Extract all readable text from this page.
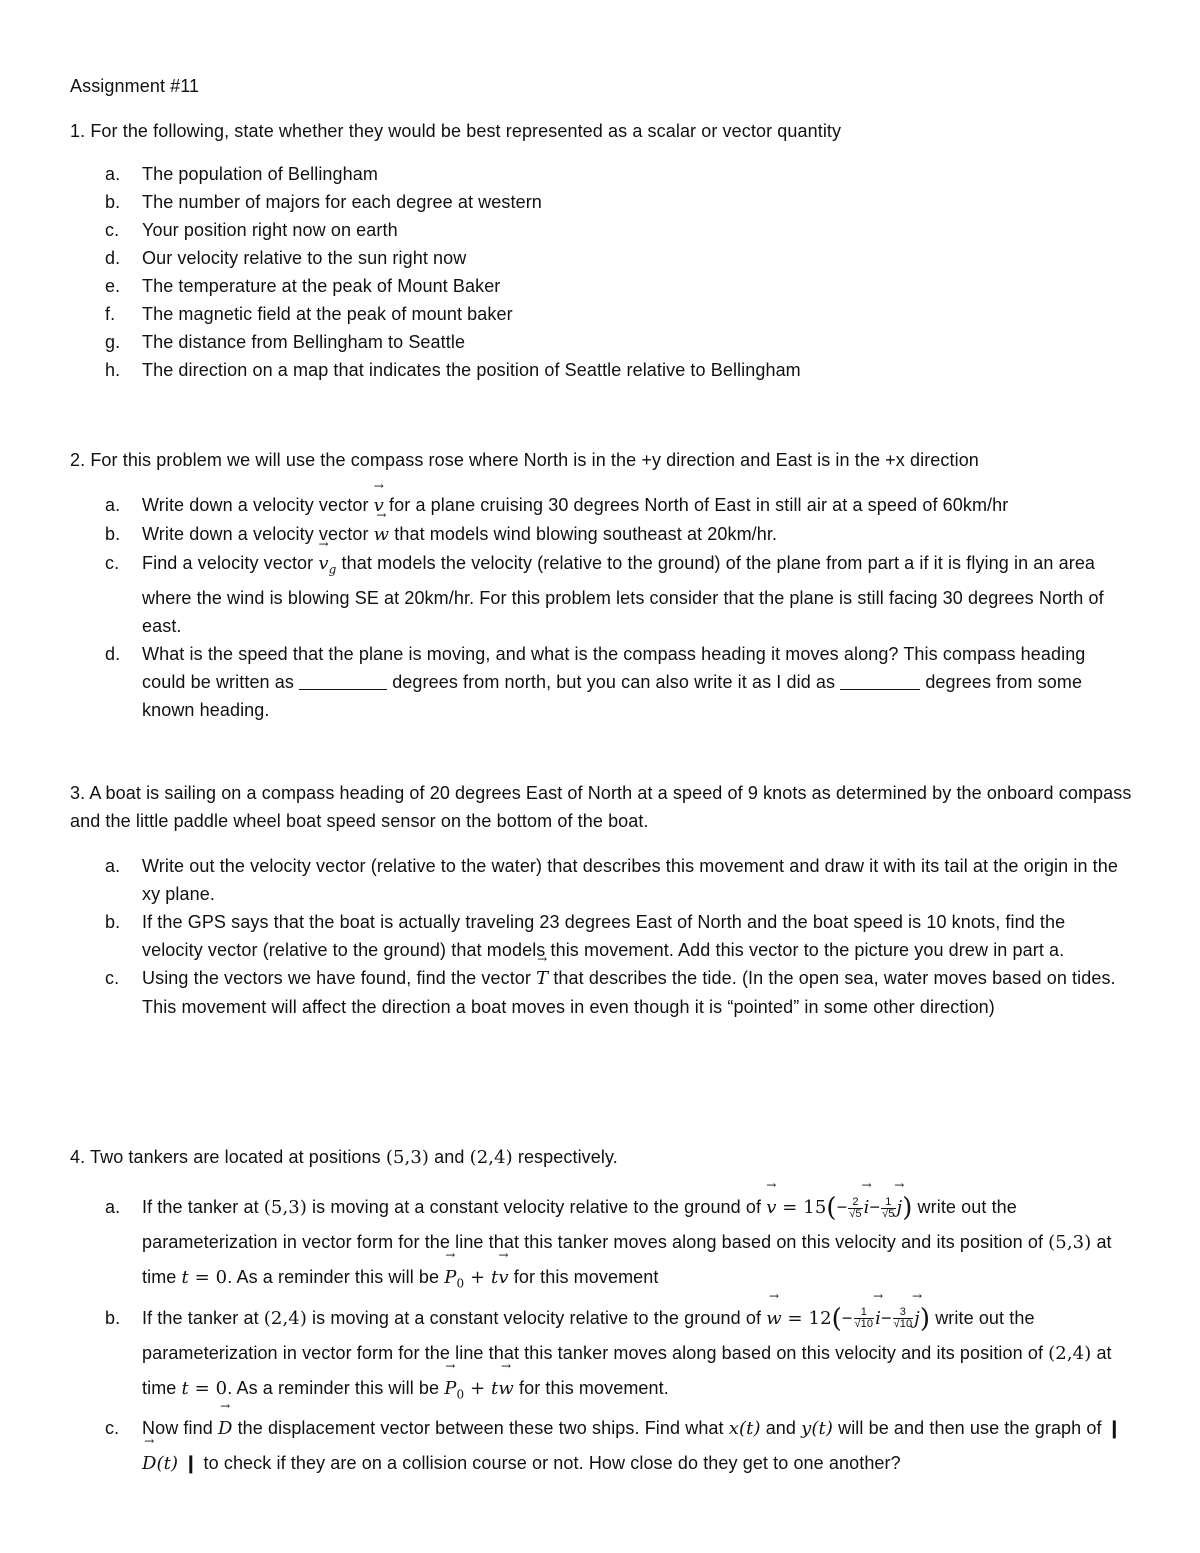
Assignment #11
1. For the following, state whether they would be best represented as a scalar or vector quantity
a. The population of Bellingham
b. The number of majors for each degree at western
c. Your position right now on earth
d. Our velocity relative to the sun right now
e. The temperature at the peak of Mount Baker
f. The magnetic field at the peak of mount baker
g. The distance from Bellingham to Seattle
h. The direction on a map that indicates the position of Seattle relative to Bellingham
2. For this problem we will use the compass rose where North is in the +y direction and East is in the +x direction
a. Write down a velocity vector → v for a plane cruising 30 degrees North of East in still air at a speed of 60km/hr
b. Write down a velocity vector → w that models wind blowing southeast at 20km/hr.
c. Find a velocity vector → $v_g$ that models the velocity (relative to the ground) of the plane from part a if it is flying in an area where the wind is blowing SE at 20km/hr. For this problem lets consider that the plane is still facing 30 degrees North of east.
d. What is the speed that the plane is moving, and what is the compass heading it moves along? This compass heading could be written as	degrees from north, but you can also write it as I did as	degrees from some known heading.
3. A boat is sailing on a compass heading of 20 degrees East of North at a speed of 9 knots as determined by the onboard compass and the little paddle wheel boat speed sensor on the bottom of the boat.
a. Write out the velocity vector (relative to the water) that describes this movement and draw it with its tail at the origin in the xy plane.
b. If the GPS says that the boat is actually traveling 23 degrees East of North and the boat speed is 10 knots, find the velocity vector (relative to the ground) that models this movement. Add this vector to the picture you drew in part a.
c. Using the vectors we have found, find the vector → T that describes the tide. (In the open sea, water moves based on tides. This movement will affect the direction a boat moves in even though it is “pointed” in some other direction)
4. Two tankers are located at positions (5,3) and (2,4) respectively.
a. If the tanker at (5,3) is moving at a constant velocity relative to the ground of → $v = 15(- \frac{2}{√5}$
→ $i- \frac{1}{√5}$
→ j) write out the parameterization in vector form for the line that this tanker moves along based on this velocity and its position of (5,3) at time t = 0. As a reminder this will be → $P_0 + t\to v$ for this movement
b. If the tanker at (2,4) is moving at a constant velocity relative to the ground of → $w = 12(- \frac{1}{√10}$
→ $i- \frac{3}{√10}$
→ j) write out the parameterization in vector form for the line that this tanker moves along based on this velocity and its position of (2,4) at time t = 0. As a reminder this will be → $P_0 + t\to w$ for this movement.
c. Now find → D the displacement vector between these two ships. Find what x(t) and y(t) will be and then use the graph of ❙ → D(t) ❙ to check if they are on a collision course or not. How close do they get to one another?
